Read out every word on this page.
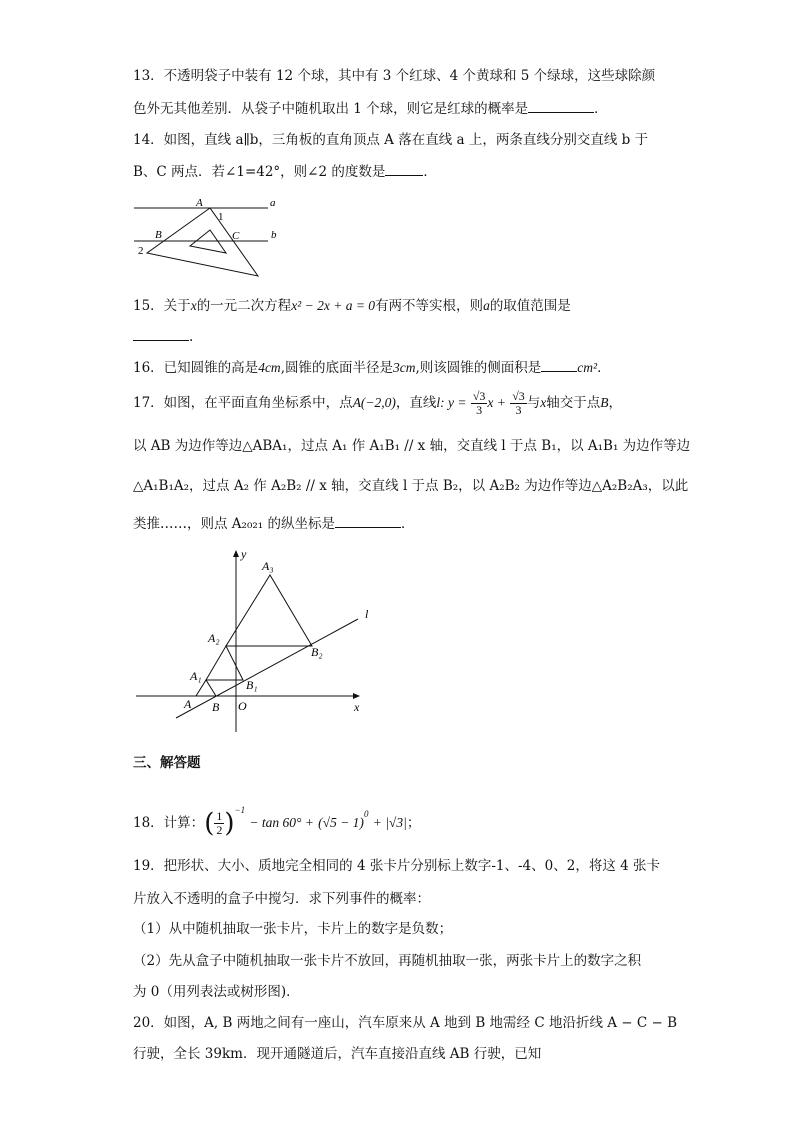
13．不透明袋子中装有 12 个球，其中有 3 个红球、4 个黄球和 5 个绿球，这些球除颜
色外无其他差别．从袋子中随机取出 1 个球，则它是红球的概率是	．
14．如图，直线 a∥b，三角板的直角顶点 A 落在直线 a 上，两条直线分别交直线 b 于
B、C 两点．若∠1=42°，则∠2 的度数是	．
A
1
a
B	C	b
2
15．关于x的一元二次方程x² − 2x + a = 0有两不等实根，则a的取值范围是
.
16．已知圆锥的高是4cm,圆锥的底面半径是3cm,则该圆锥的侧面积是	cm²．
17．如图，在平面直角坐标系中，点A(−2,0)，直线l: $y = \frac{√3}{3}$ $x + \frac{√3}{3}$ 与x轴交于点B，
以 AB 为边作等边△ABA₁，过点 A₁ 作 A₁B₁ // x 轴，交直线 l 于点 B₁，以 A₁B₁ 为边作等边
△A₁B₁A₂，过点 A₂ 作 A₂B₂ // x 轴，交直线 l 于点 B₂，以 A₂B₂ 为边作等边△A₂B₂A₃，以此
类推……，则点 A₂₀₂₁ 的纵坐标是	．
y
A₃
l
A₂
B₂
A₁
B₁
A B O	x
三、解答题
18．计算：( $\frac{1}{2} )^{-1} - \tan 60^\circ + (√5 - 1)^0 + |√3|$；
19．把形状、大小、质地完全相同的 4 张卡片分别标上数字-1、-4、0、2，将这 4 张卡
片放入不透明的盒子中搅匀．求下列事件的概率：
（1）从中随机抽取一张卡片，卡片上的数字是负数；
（2）先从盒子中随机抽取一张卡片不放回，再随机抽取一张，两张卡片上的数字之积
为 0（用列表法或树形图)．
20．如图，A, B 两地之间有一座山，汽车原来从 A 地到 B 地需经 C 地沿折线 A − C − B
行驶，全长 39km．现开通隧道后，汽车直接沿直线 AB 行驶，已知
